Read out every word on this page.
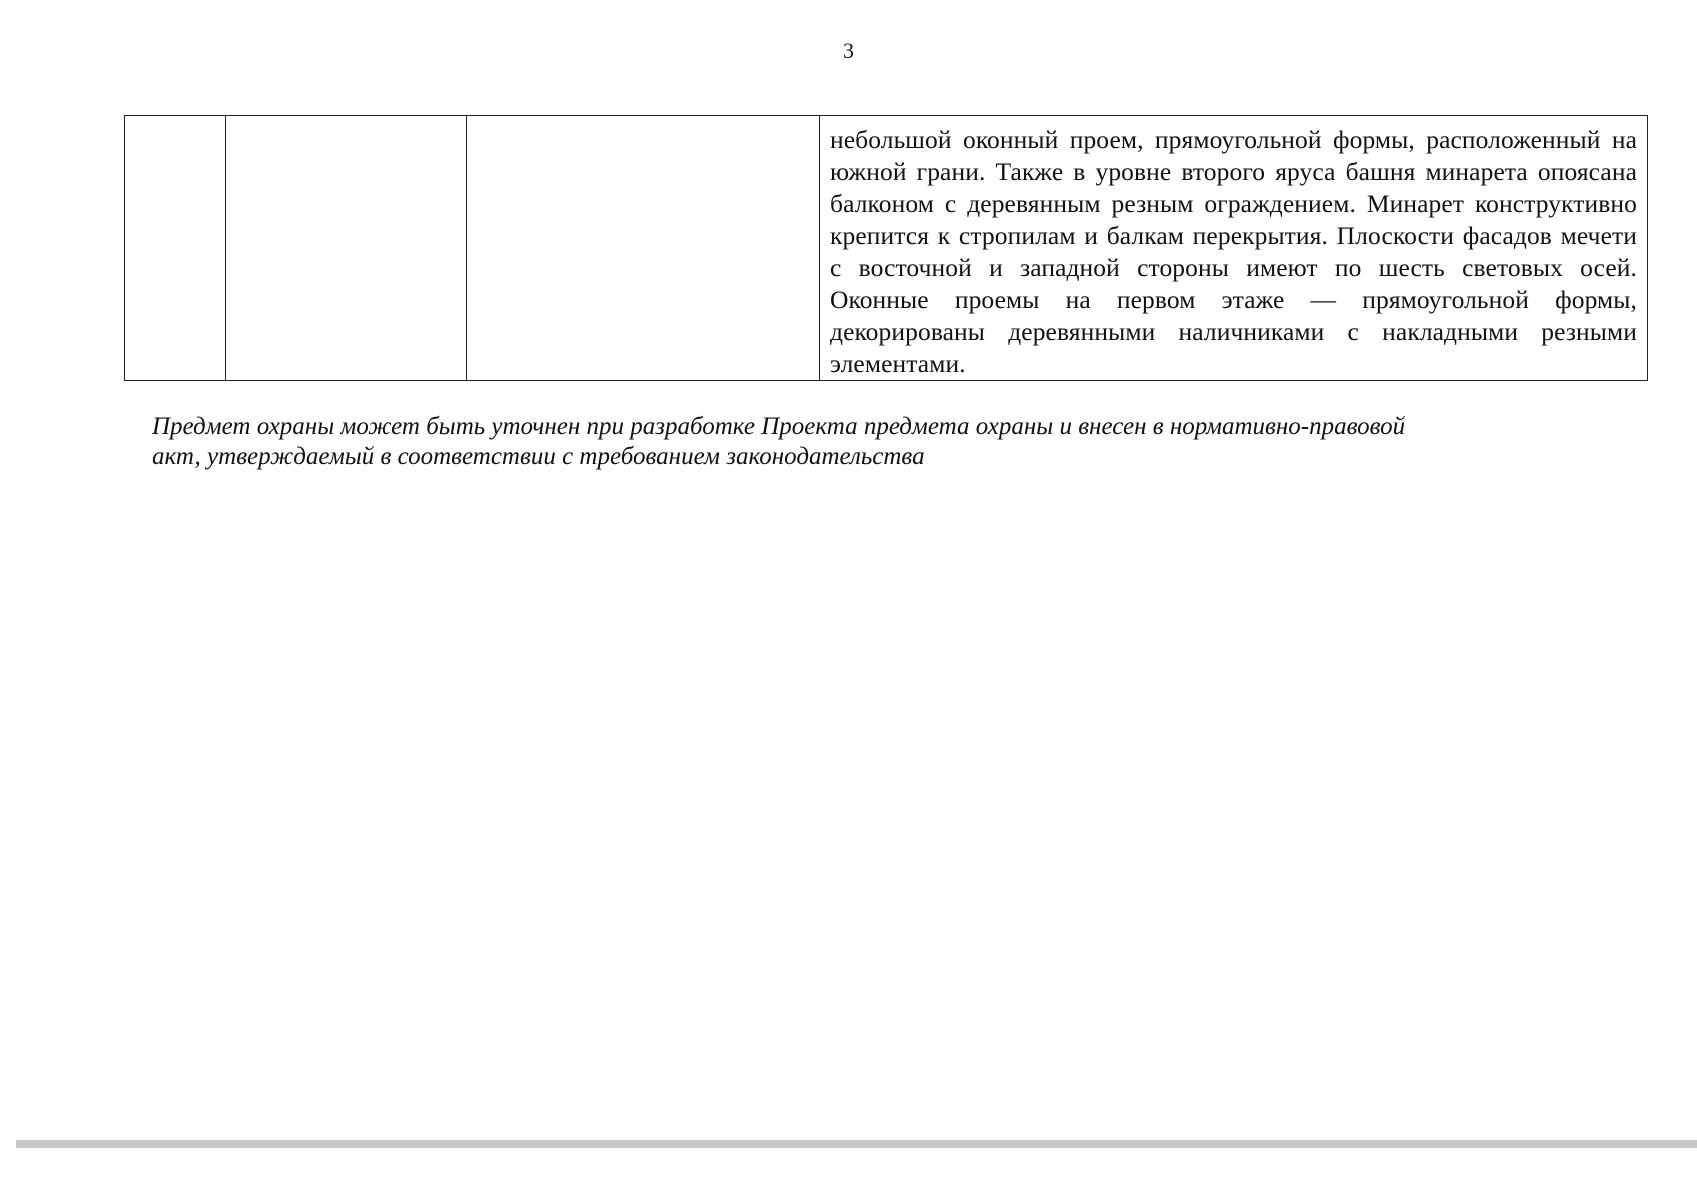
3

небольшой оконный проем, прямоугольной формы, расположенный на южной грани. Также в уровне второго яруса башня минарета опоясана балконом с деревянным резным ограждением. Минарет конструктивно крепится к стропилам и балкам перекрытия. Плоскости фасадов мечети с восточной и западной стороны имеют по шесть световых осей. Оконные проемы на первом этаже — прямоугольной формы, декорированы деревянными наличниками с накладными резными элементами.

Предмет охраны может быть уточнен при разработке Проекта предмета охраны и внесен в нормативно-правовой
акт, утверждаемый в соответствии с требованием законодательства
